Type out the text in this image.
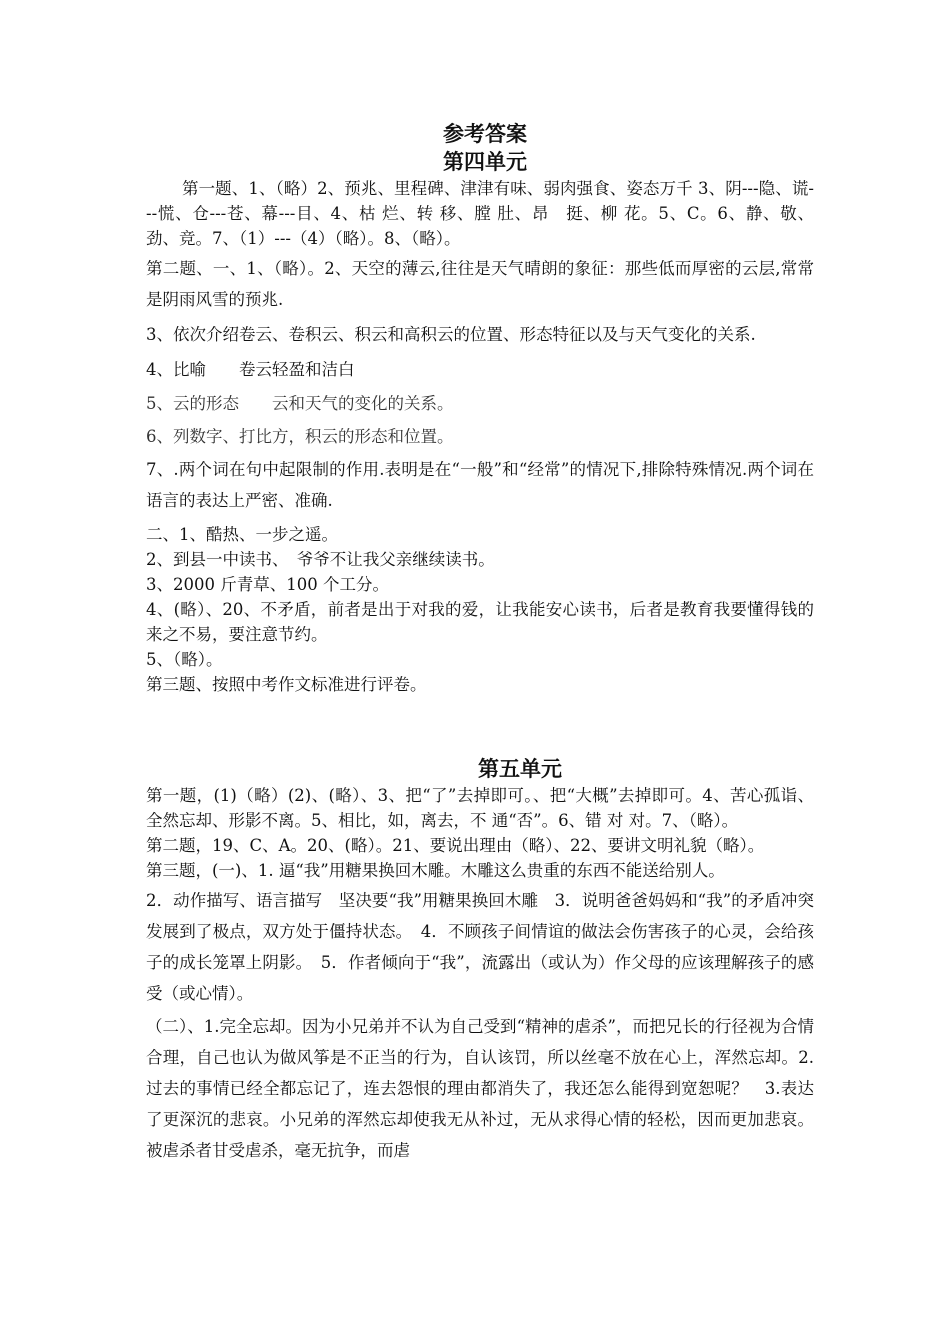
参考答案
第四单元

第一题、1、（略）2、预兆、里程碑、津津有味、弱肉强食、姿态万千 3、阴---隐、谎---慌、仓---苍、幕---目、4、枯 烂、转 移、膛 肚、昂　挺、柳 花。5、C。6、静、敬、劲、竞。7、（1）---（4）（略）。8、（略）。

第二题、一、1、（略）。2、天空的薄云,往往是天气晴朗的象征：那些低而厚密的云层,常常是阴雨风雪的预兆.

3、依次介绍卷云、卷积云、积云和高积云的位置、形态特征以及与天气变化的关系.

4、比喻　　卷云轻盈和洁白

5、云的形态　　云和天气的变化的关系。

6、列数字、打比方，积云的形态和位置。

7、.两个词在句中起限制的作用.表明是在“一般”和“经常”的情况下,排除特殊情况.两个词在语言的表达上严密、准确.

二、1、酷热、一步之遥。

2、到县一中读书、　爷爷不让我父亲继续读书。

3、2000 斤青草、100 个工分。

4、(略）、20、不矛盾，前者是出于对我的爱，让我能安心读书，后者是教育我要懂得钱的来之不易，要注意节约。

5、（略）。

第三题、按照中考作文标准进行评卷。

第五单元

第一题，(1)（略）(2)、(略）、3、把“了”去掉即可。、把“大概”去掉即可。4、苦心孤诣、全然忘却、形影不离。5、相比，如，离去，不 通“否”。6、错 对 对。7、（略）。

第二题，19、C、A。20、(略）。21、要说出理由（略）、22、要讲文明礼貌（略）。

第三题，(一)、1. 逼“我”用糖果换回木雕。木雕这么贵重的东西不能送给别人。

2．动作描写、语言描写　坚决要“我”用糖果换回木雕　3．说明爸爸妈妈和“我”的矛盾冲突发展到了极点，双方处于僵持状态。　4．不顾孩子间情谊的做法会伤害孩子的心灵，会给孩子的成长笼罩上阴影。　5．作者倾向于“我”，流露出（或认为）作父母的应该理解孩子的感受（或心情）。

（二）、1.完全忘却。因为小兄弟并不认为自己受到“精神的虐杀”，而把兄长的行径视为合情合理，自己也认为做风筝是不正当的行为，自认该罚，所以丝毫不放在心上，浑然忘却。2.过去的事情已经全都忘记了，连去怨恨的理由都消失了，我还怎么能得到宽恕呢？　3.表达了更深沉的悲哀。小兄弟的浑然忘却使我无从补过，无从求得心情的轻松，因而更加悲哀。被虐杀者甘受虐杀，毫无抗争，而虐
